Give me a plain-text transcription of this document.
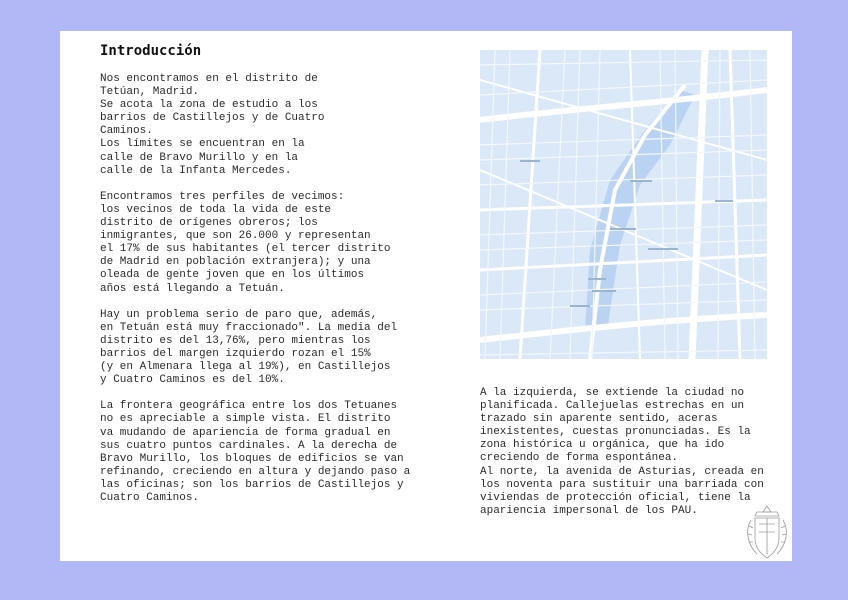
Introducción

Nos encontramos en el distrito de
Tetúan, Madrid.
Se acota la zona de estudio a los
barrios de Castillejos y de Cuatro
Caminos.
Los límites se encuentran en la
calle de Bravo Murillo y en la
calle de la Infanta Mercedes.

Encontramos tres perfiles de vecimos:
los vecinos de toda la vida de este
distrito de orígenes obreros; los
inmigrantes, que son 26.000 y representan
el 17% de sus habitantes (el tercer distrito
de Madrid en población extranjera); y una
oleada de gente joven que en los últimos
años está llegando a Tetuán.

Hay un problema serio de paro que, además,
en Tetuán está muy fraccionado". La media del
distrito es del 13,76%, pero mientras los
barrios del margen izquierdo rozan el 15%
(y en Almenara llega al 19%), en Castillejos
y Cuatro Caminos es del 10%.

La frontera geográfica entre los dos Tetuanes
no es apreciable a simple vista. El distrito
va mudando de apariencia de forma gradual en
sus cuatro puntos cardinales. A la derecha de
Bravo Murillo, los bloques de edificios se van
refinando, creciendo en altura y dejando paso a
las oficinas; son los barrios de Castillejos y
Cuatro Caminos.

A la izquierda, se extiende la ciudad no
planificada. Callejuelas estrechas en un
trazado sin aparente sentido, aceras
inexistentes, cuestas pronunciadas. Es la
zona histórica u orgánica, que ha ido
creciendo de forma espontánea.
Al norte, la avenida de Asturias, creada en
los noventa para sustituir una barriada con
viviendas de protección oficial, tiene la
apariencia impersonal de los PAU.
